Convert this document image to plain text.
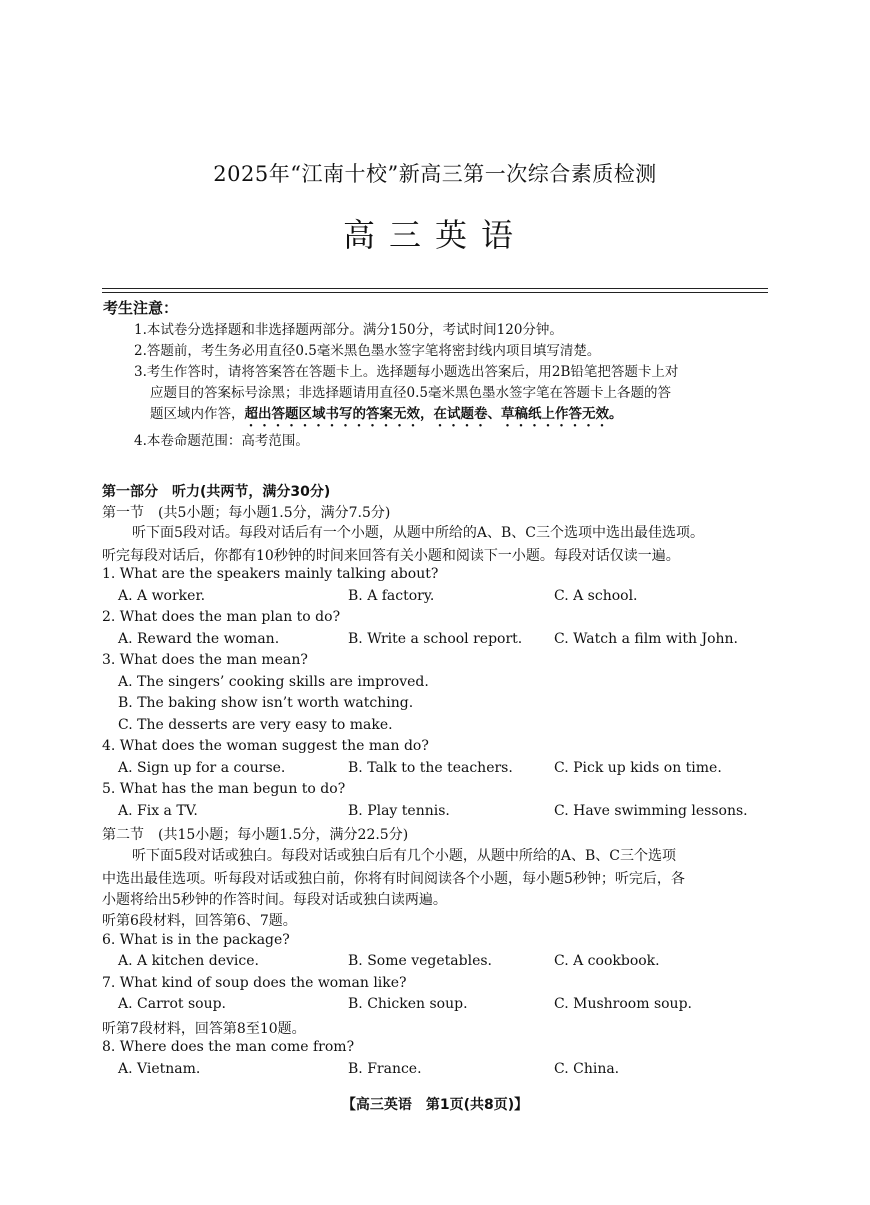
2025年“江南十校”新高三第一次综合素质检测
高三英语
考生注意：
1.本试卷分选择题和非选择题两部分。满分150分，考试时间120分钟。
2.答题前，考生务必用直径0.5毫米黑色墨水签字笔将密封线内项目填写清楚。
3.考生作答时，请将答案答在答题卡上。选择题每小题选出答案后，用2B铅笔把答题卡上对
应题目的答案标号涂黑；非选择题请用直径0.5毫米黑色墨水签字笔在答题卡上各题的答
题区域内作答，超出答题区域书写的答案无效，在试题卷、草稿纸上作答无效。
4.本卷命题范围：高考范围。
第一部分　听力(共两节，满分30分)
第一节　(共5小题；每小题1.5分，满分7.5分)
听下面5段对话。每段对话后有一个小题，从题中所给的A、B、C三个选项中选出最佳选项。
听完每段对话后，你都有10秒钟的时间来回答有关小题和阅读下一小题。每段对话仅读一遍。
1. What are the speakers mainly talking about?
A. A worker.	B. A factory.	C. A school.
2. What does the man plan to do?
A. Reward the woman.	B. Write a school report. C. Watch a film with John.
3. What does the man mean?
A. The singers’ cooking skills are improved.
B. The baking show isn’t worth watching.
C. The desserts are very easy to make.
4. What does the woman suggest the man do?
A. Sign up for a course.	B. Talk to the teachers.	C. Pick up kids on time.
5. What has the man begun to do?
A. Fix a TV.	B. Play tennis.	C. Have swimming lessons.
第二节　(共15小题；每小题1.5分，满分22.5分)
听下面5段对话或独白。每段对话或独白后有几个小题，从题中所给的A、B、C三个选项
中选出最佳选项。听每段对话或独白前，你将有时间阅读各个小题，每小题5秒钟；听完后，各
小题将给出5秒钟的作答时间。每段对话或独白读两遍。
听第6段材料，回答第6、7题。
6. What is in the package?
A. A kitchen device.	B. Some vegetables.	C. A cookbook.
7. What kind of soup does the woman like?
A. Carrot soup.	B. Chicken soup.	C. Mushroom soup.
听第7段材料，回答第8至10题。
8. Where does the man come from?
A. Vietnam.	B. France.	C. China.
【高三英语　第1页(共8页)】
